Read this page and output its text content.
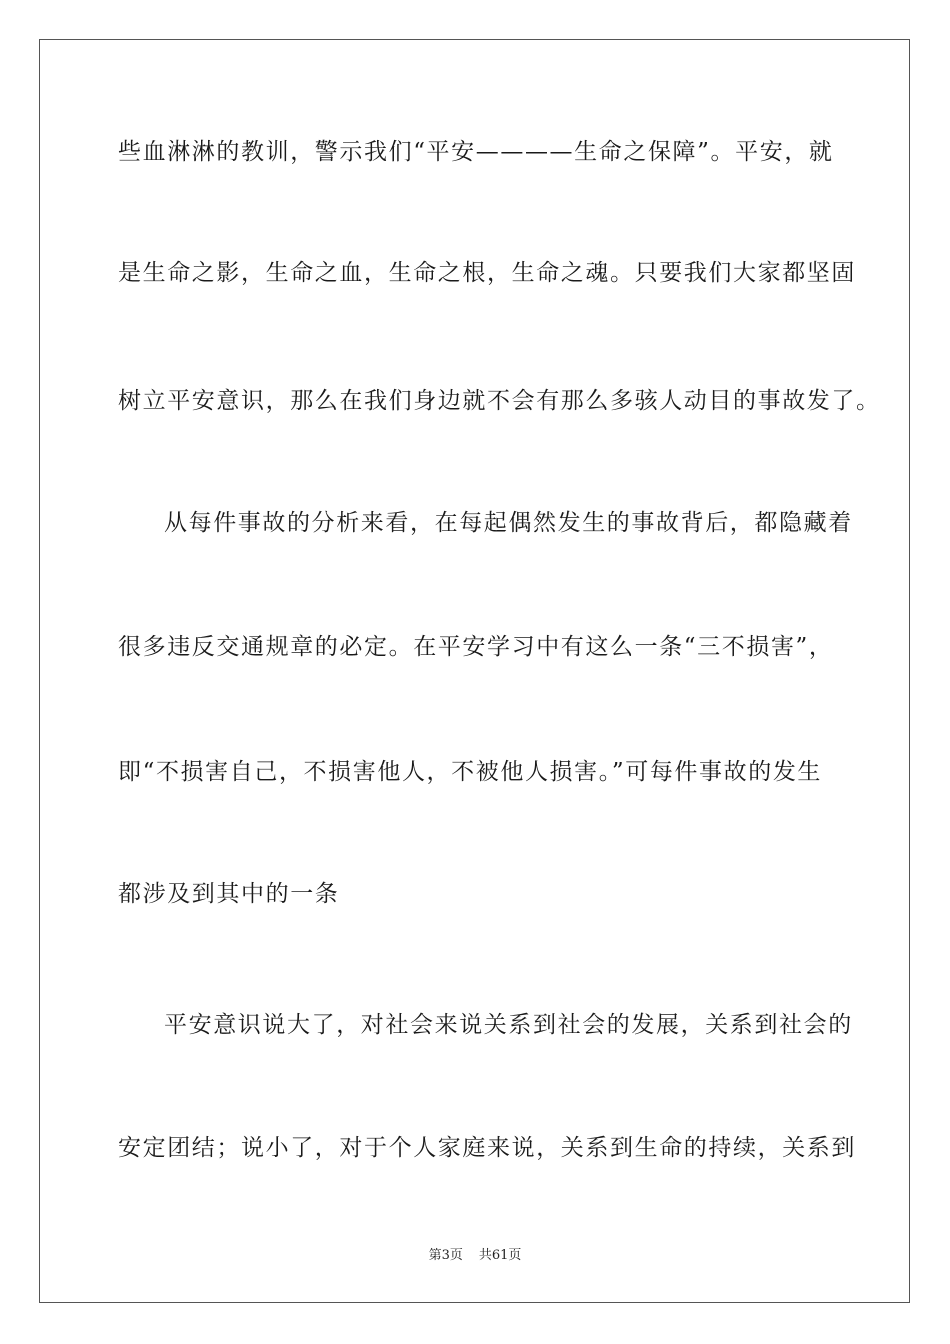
些血淋淋的教训，警示我们“平安————生命之保障”。平安，就
是生命之影，生命之血，生命之根，生命之魂。只要我们大家都坚固
树立平安意识，那么在我们身边就不会有那么多骇人动目的事故发了。
从每件事故的分析来看，在每起偶然发生的事故背后，都隐藏着
很多违反交通规章的必定。在平安学习中有这么一条“三不损害”，
即“不损害自己，不损害他人，不被他人损害。”可每件事故的发生
都涉及到其中的一条
平安意识说大了，对社会来说关系到社会的发展，关系到社会的
安定团结；说小了，对于个人家庭来说，关系到生命的持续，关系到
第3页 共61页
